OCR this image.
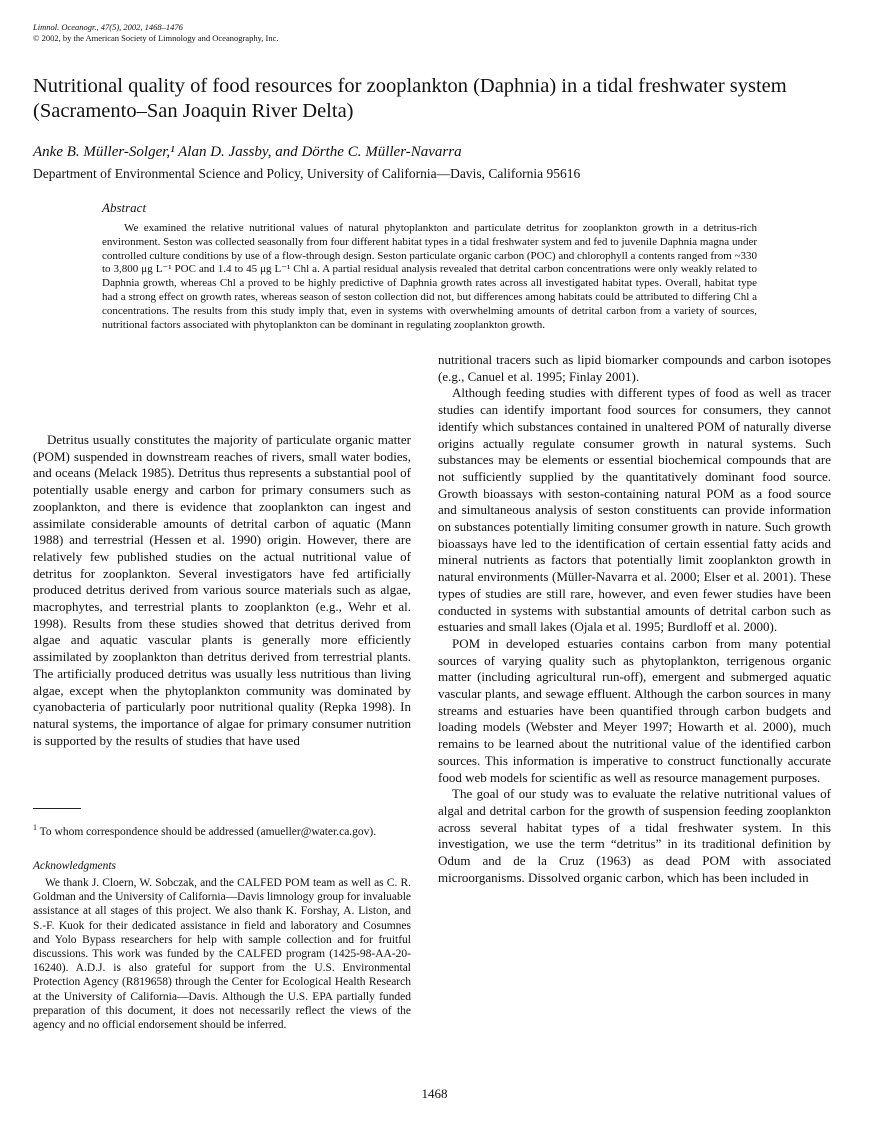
Limnol. Oceanogr., 47(5), 2002, 1468–1476
© 2002, by the American Society of Limnology and Oceanography, Inc.
Nutritional quality of food resources for zooplankton (Daphnia) in a tidal freshwater system (Sacramento–San Joaquin River Delta)
Anke B. Müller-Solger,¹ Alan D. Jassby, and Dörthe C. Müller-Navarra
Department of Environmental Science and Policy, University of California—Davis, California 95616
Abstract
We examined the relative nutritional values of natural phytoplankton and particulate detritus for zooplankton growth in a detritus-rich environment. Seston was collected seasonally from four different habitat types in a tidal freshwater system and fed to juvenile Daphnia magna under controlled culture conditions by use of a flow-through design. Seston particulate organic carbon (POC) and chlorophyll a contents ranged from ~330 to 3,800 μg L⁻¹ POC and 1.4 to 45 μg L⁻¹ Chl a. A partial residual analysis revealed that detrital carbon concentrations were only weakly related to Daphnia growth, whereas Chl a proved to be highly predictive of Daphnia growth rates across all investigated habitat types. Overall, habitat type had a strong effect on growth rates, whereas season of seston collection did not, but differences among habitats could be attributed to differing Chl a concentrations. The results from this study imply that, even in systems with overwhelming amounts of detrital carbon from a variety of sources, nutritional factors associated with phytoplankton can be dominant in regulating zooplankton growth.

Detritus usually constitutes the majority of particulate organic matter (POM) suspended in downstream reaches of rivers, small water bodies, and oceans (Melack 1985). Detritus thus represents a substantial pool of potentially usable energy and carbon for primary consumers such as zooplankton, and there is evidence that zooplankton can ingest and assimilate considerable amounts of detrital carbon of aquatic (Mann 1988) and terrestrial (Hessen et al. 1990) origin. However, there are relatively few published studies on the actual nutritional value of detritus for zooplankton. Several investigators have fed artificially produced detritus derived from various source materials such as algae, macrophytes, and terrestrial plants to zooplankton (e.g., Wehr et al. 1998). Results from these studies showed that detritus derived from algae and aquatic vascular plants is generally more efficiently assimilated by zooplankton than detritus derived from terrestrial plants. The artificially produced detritus was usually less nutritious than living algae, except when the phytoplankton community was dominated by cyanobacteria of particularly poor nutritional quality (Repka 1998). In natural systems, the importance of algae for primary consumer nutrition is supported by the results of studies that have used

nutritional tracers such as lipid biomarker compounds and carbon isotopes (e.g., Canuel et al. 1995; Finlay 2001).

Although feeding studies with different types of food as well as tracer studies can identify important food sources for consumers, they cannot identify which substances contained in unaltered POM of naturally diverse origins actually regulate consumer growth in natural systems. Such substances may be elements or essential biochemical compounds that are not sufficiently supplied by the quantitatively dominant food source. Growth bioassays with seston-containing natural POM as a food source and simultaneous analysis of seston constituents can provide information on substances potentially limiting consumer growth in nature. Such growth bioassays have led to the identification of certain essential fatty acids and mineral nutrients as factors that potentially limit zooplankton growth in natural environments (Müller-Navarra et al. 2000; Elser et al. 2001). These types of studies are still rare, however, and even fewer studies have been conducted in systems with substantial amounts of detrital carbon such as estuaries and small lakes (Ojala et al. 1995; Burdloff et al. 2000).

POM in developed estuaries contains carbon from many potential sources of varying quality such as phytoplankton, terrigenous organic matter (including agricultural run-off), emergent and submerged aquatic vascular plants, and sewage effluent. Although the carbon sources in many streams and estuaries have been quantified through carbon budgets and loading models (Webster and Meyer 1997; Howarth et al. 2000), much remains to be learned about the nutritional value of the identified carbon sources. This information is imperative to construct functionally accurate food web models for scientific as well as resource management purposes.

The goal of our study was to evaluate the relative nutritional values of algal and detrital carbon for the growth of suspension feeding zooplankton across several habitat types of a tidal freshwater system. In this investigation, we use the term “detritus” in its traditional definition by Odum and de la Cruz (1963) as dead POM with associated microorganisms. Dissolved organic carbon, which has been included in

$^1$ To whom correspondence should be addressed (amueller@water.ca.gov).
Acknowledgments
We thank J. Cloern, W. Sobczak, and the CALFED POM team as well as C. R. Goldman and the University of California—Davis limnology group for invaluable assistance at all stages of this project. We also thank K. Forshay, A. Liston, and S.-F. Kuok for their dedicated assistance in field and laboratory and Cosumnes and Yolo Bypass researchers for help with sample collection and for fruitful discussions. This work was funded by the CALFED program (1425-98-AA-20-16240). A.D.J. is also grateful for support from the U.S. Environmental Protection Agency (R819658) through the Center for Ecological Health Research at the University of California—Davis. Although the U.S. EPA partially funded preparation of this document, it does not necessarily reflect the views of the agency and no official endorsement should be inferred.
1468
